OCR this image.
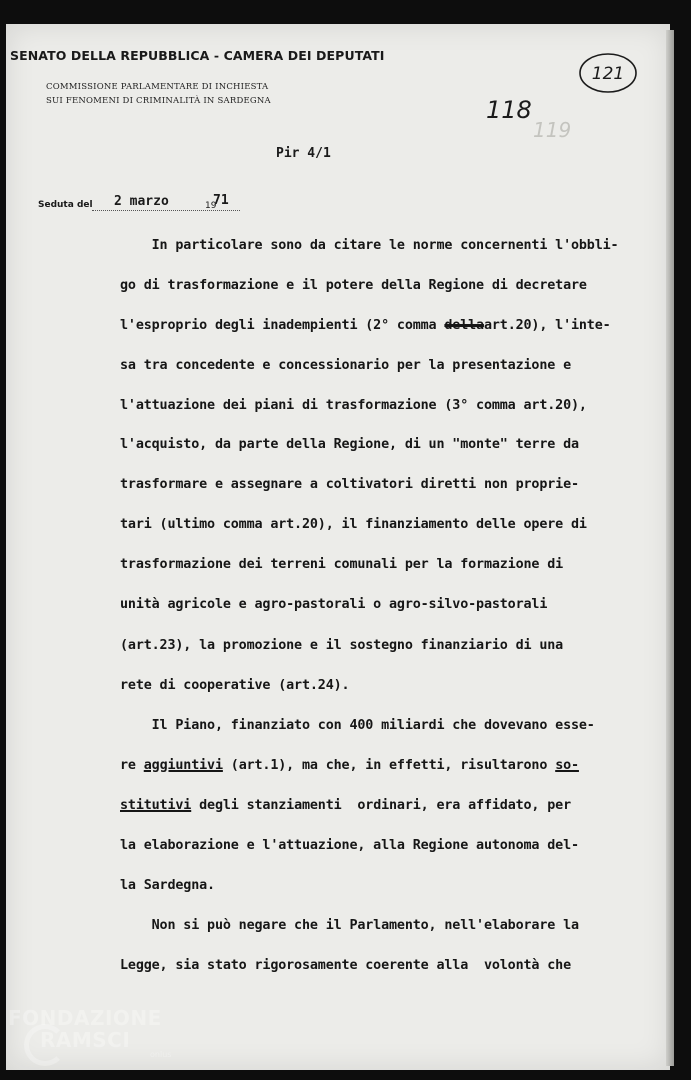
SENATO DELLA REPUBBLICA - CAMERA DEI DEPUTATI
COMMISSIONE PARLAMENTARE DI INCHIESTA
SUI FENOMENI DI CRIMINALITÀ IN SARDEGNA
121
118
119
Pir 4/1
Seduta del 2 marzo	19
71
In particolare sono da citare le norme concernenti l'obbli-
go di trasformazione e il potere della Regione di decretare
l'esproprio degli inadempienti (2° comma dellaart.20), l'inte-
sa tra concedente e concessionario per la presentazione e
l'attuazione dei piani di trasformazione (3° comma art.20),
l'acquisto, da parte della Regione, di un "monte" terre da
trasformare e assegnare a coltivatori diretti non proprie-
tari (ultimo comma art.20), il finanziamento delle opere di
trasformazione dei terreni comunali per la formazione di
unità agricole e agro-pastorali o agro-silvo-pastorali
(art.23), la promozione e il sostegno finanziario di una
rete di cooperative (art.24).
Il Piano, finanziato con 400 miliardi che dovevano esse-
re aggiuntivi (art.1), ma che, in effetti, risultarono so-
stitutivi degli stanziamenti  ordinari, era affidato, per
la elaborazione e l'attuazione, alla Regione autonoma del-
la Sardegna.
Non si può negare che il Parlamento, nell'elaborare la
Legge, sia stato rigorosamente coerente alla  volontà che
FONDAZIONE
RAMSCI
onlus
